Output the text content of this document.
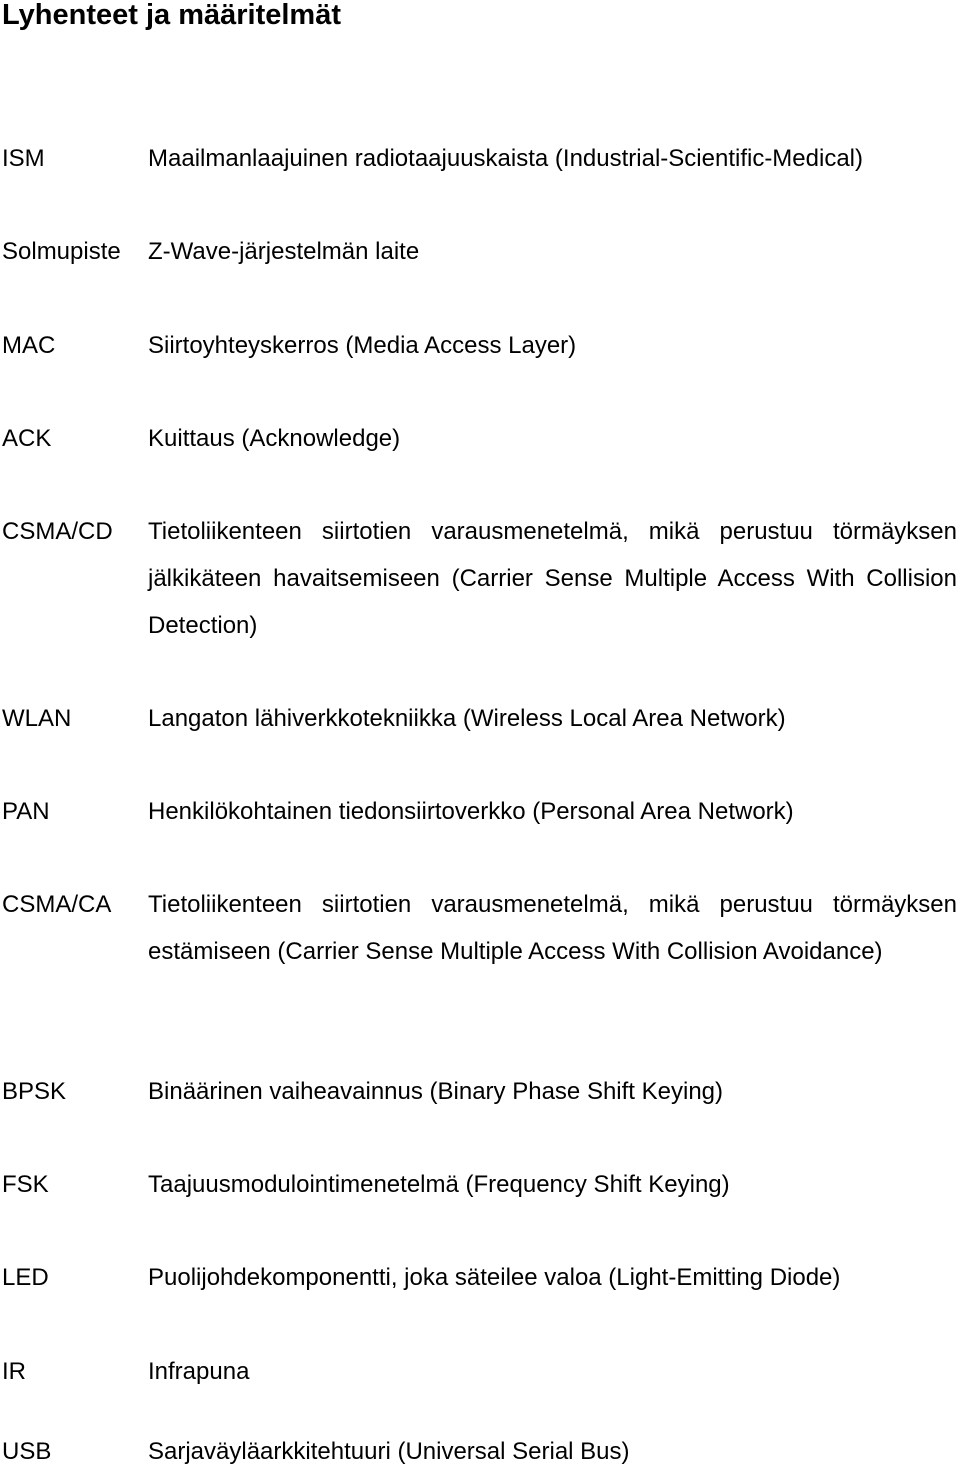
Lyhenteet ja määritelmät
ISM	Maailmanlaajuinen radiotaajuuskaista (Industrial-Scientific-Medical)
Solmupiste Z-Wave-järjestelmän laite
MAC	Siirtoyhteyskerros (Media Access Layer)
ACK	Kuittaus (Acknowledge)
CSMA/CD Tietoliikenteen siirtotien varausmenetelmä, mikä perustuu törmäyksen jälkikäteen havaitsemiseen (Carrier Sense Multiple Access With Collision Detection)
WLAN	Langaton lähiverkkotekniikka (Wireless Local Area Network)
PAN	Henkilökohtainen tiedonsiirtoverkko (Personal Area Network)
CSMA/CA Tietoliikenteen siirtotien varausmenetelmä, mikä perustuu törmäyksen estämiseen (Carrier Sense Multiple Access With Collision Avoidance)
BPSK	Binäärinen vaiheavainnus (Binary Phase Shift Keying)
FSK	Taajuusmodulointimenetelmä (Frequency Shift Keying)
LED	Puolijohdekomponentti, joka säteilee valoa (Light-Emitting Diode)
IR	Infrapuna
USB	Sarjaväyläarkkitehtuuri (Universal Serial Bus)
